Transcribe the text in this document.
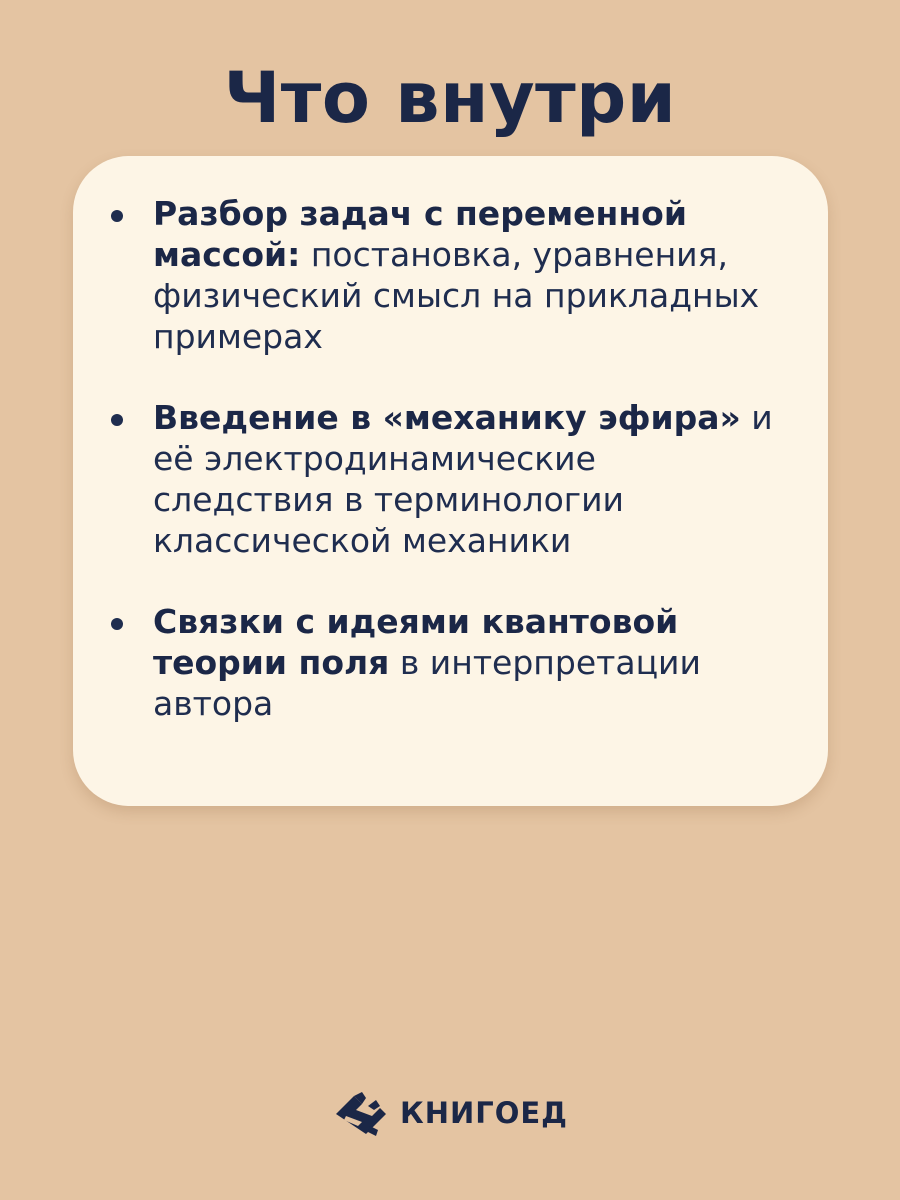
Что внутри
Разбор задач с переменной массой: постановка, уравнения, физический смысл на прикладных примерах
Введение в «механику эфира» и её электродинамические следствия в терминологии классической механики
Связки с идеями квантовой теории поля в интерпретации автора
КНИГОЕД
